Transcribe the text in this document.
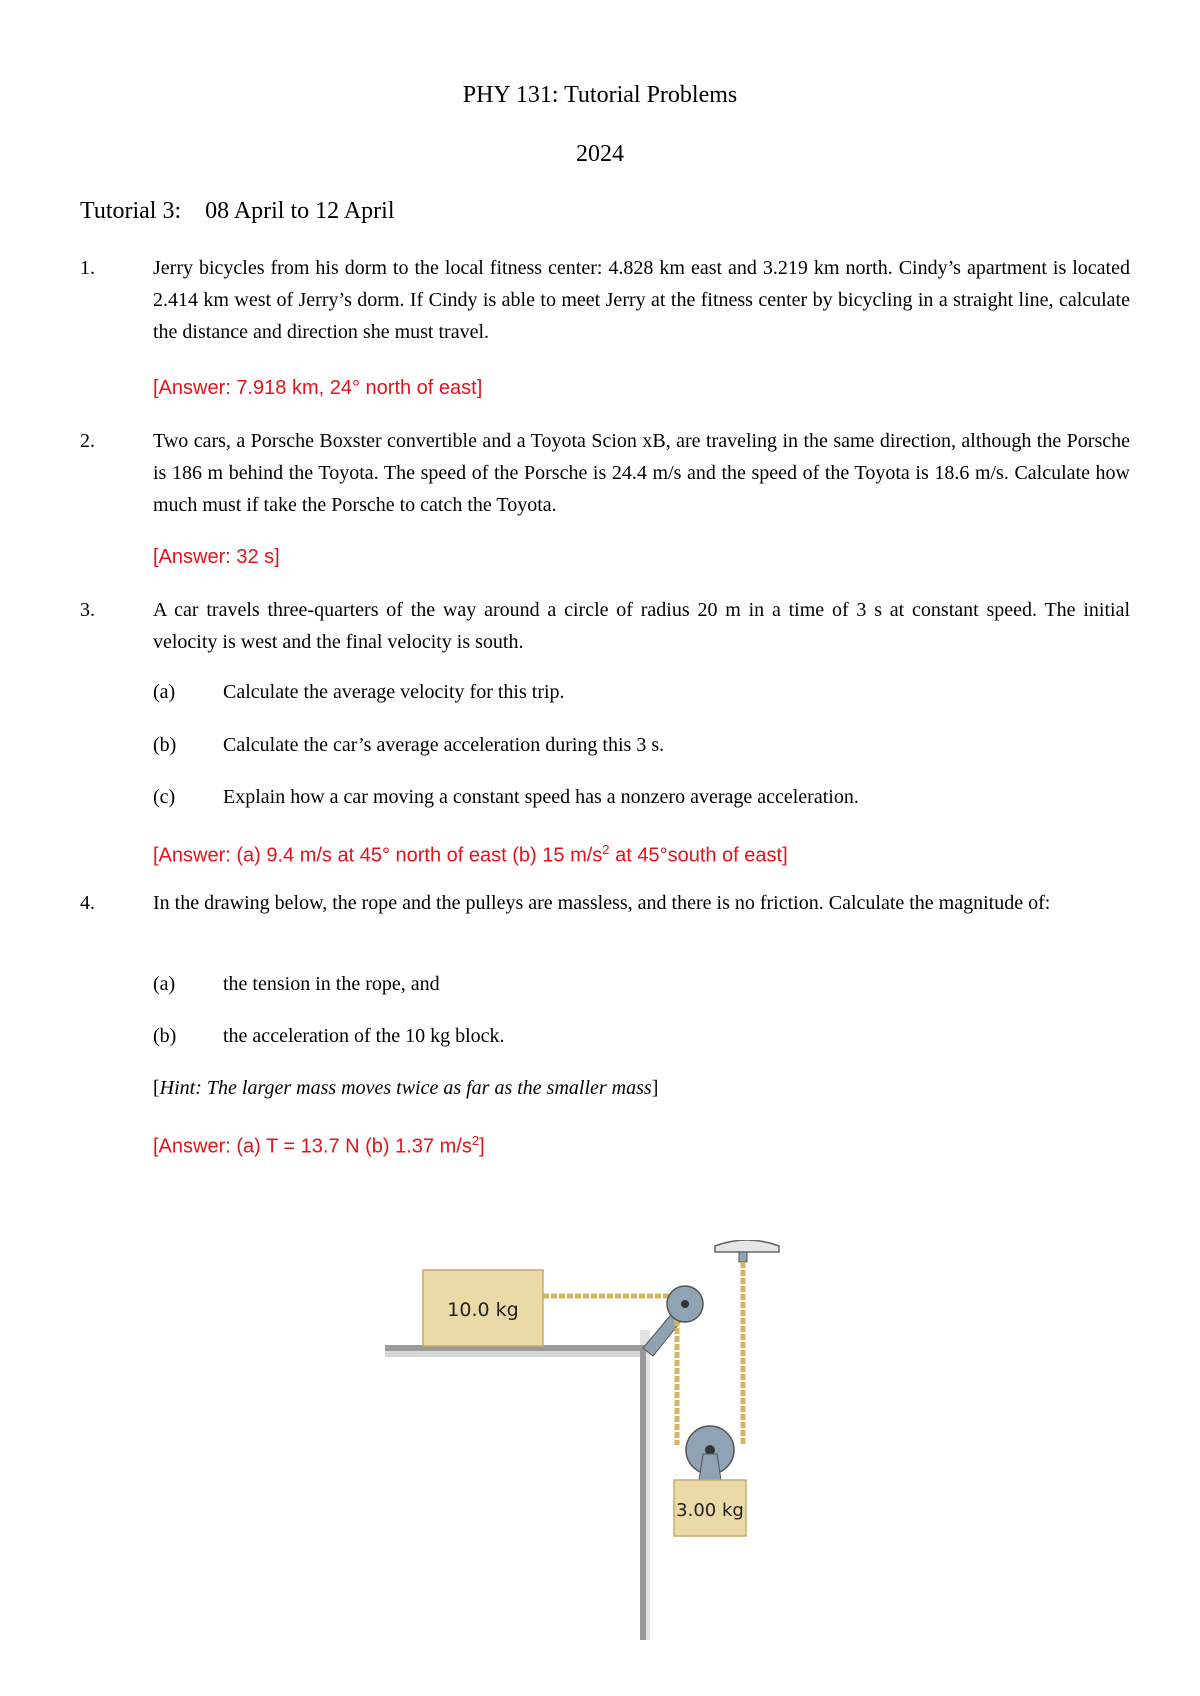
PHY 131: Tutorial Problems
2024
Tutorial 3: 08 April to 12 April
1.	Jerry bicycles from his dorm to the local fitness center: 4.828 km east and 3.219 km north. Cindy’s apartment is located 2.414 km west of Jerry’s dorm. If Cindy is able to meet Jerry at the fitness center by bicycling in a straight line, calculate the distance and direction she must travel.
[Answer: 7.918 km, 24° north of east]
2.	Two cars, a Porsche Boxster convertible and a Toyota Scion xB, are traveling in the same direction, although the Porsche is 186 m behind the Toyota. The speed of the Porsche is 24.4 m/s and the speed of the Toyota is 18.6 m/s. Calculate how much must if take the Porsche to catch the Toyota.
[Answer: 32 s]
3.	A car travels three-quarters of the way around a circle of radius 20 m in a time of 3 s at constant speed. The initial velocity is west and the final velocity is south.
(a) Calculate the average velocity for this trip.
(b) Calculate the car’s average acceleration during this 3 s.
(c) Explain how a car moving a constant speed has a nonzero average acceleration.
[Answer: (a) 9.4 m/s at 45° north of east (b) 15 $m/s^2$ at 45°south of east]
4.	In the drawing below, the rope and the pulleys are massless, and there is no friction. Calculate the magnitude of:
(a) the tension in the rope, and
(b) the acceleration of the 10 kg block.
[Hint: The larger mass moves twice as far as the smaller mass]
[Answer: (a) T = 13.7 N (b) 1.37 $m/s^2$]
10.0 kg
3.00 kg
